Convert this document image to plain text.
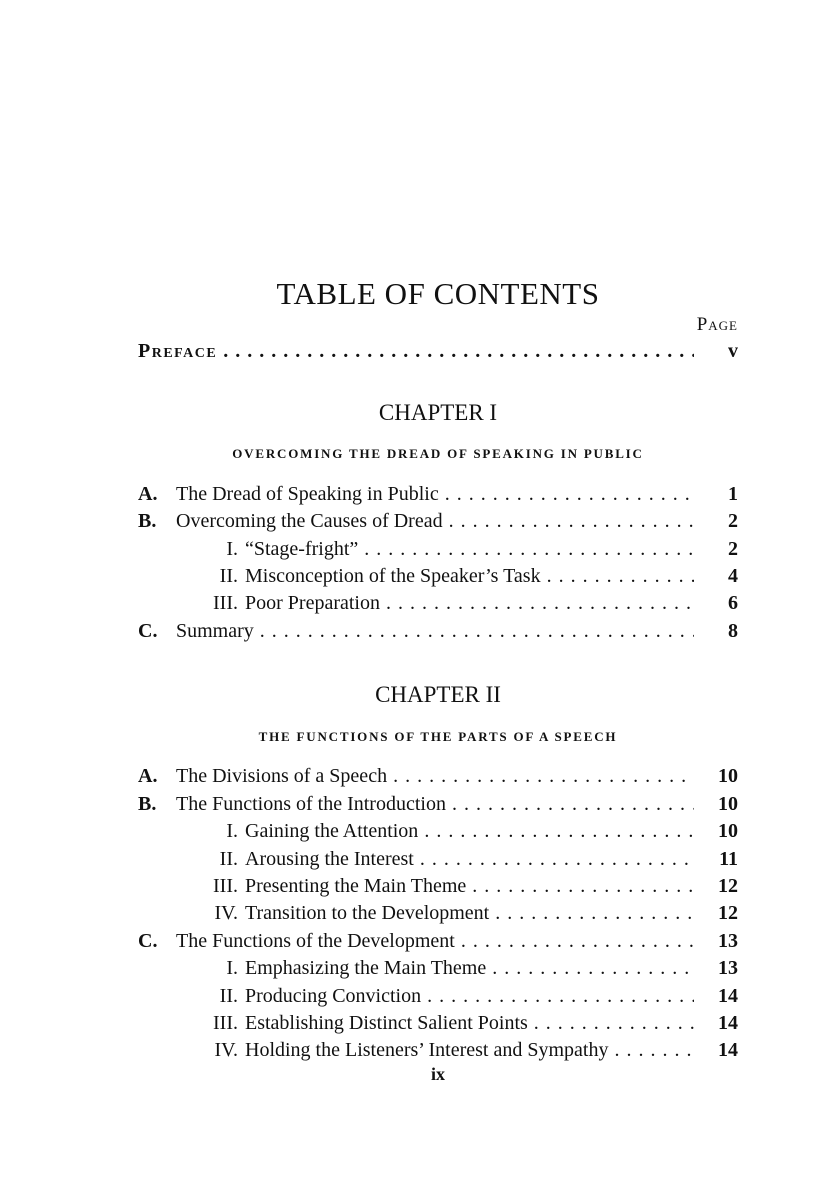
TABLE OF CONTENTS
Page
Preface . . .	v
CHAPTER I
OVERCOMING THE DREAD OF SPEAKING IN PUBLIC
A. The Dread of Speaking in Public . . .	1
B. Overcoming the Causes of Dread . . .	2
I. “Stage-fright” . . .	2
II. Misconception of the Speaker’s Task . . .	4
III. Poor Preparation . . .	6
C. Summary . . .	8
CHAPTER II
THE FUNCTIONS OF THE PARTS OF A SPEECH
A. The Divisions of a Speech . . .	10
B. The Functions of the Introduction . . .	10
I. Gaining the Attention . . .	10
II. Arousing the Interest . . .	11
III. Presenting the Main Theme . . .	12
IV. Transition to the Development . . .	12
C. The Functions of the Development . . .	13
I. Emphasizing the Main Theme . . .	13
II. Producing Conviction . . .	14
III. Establishing Distinct Salient Points . . .	14
IV. Holding the Listeners’ Interest and Sympathy . . .	14
ix
